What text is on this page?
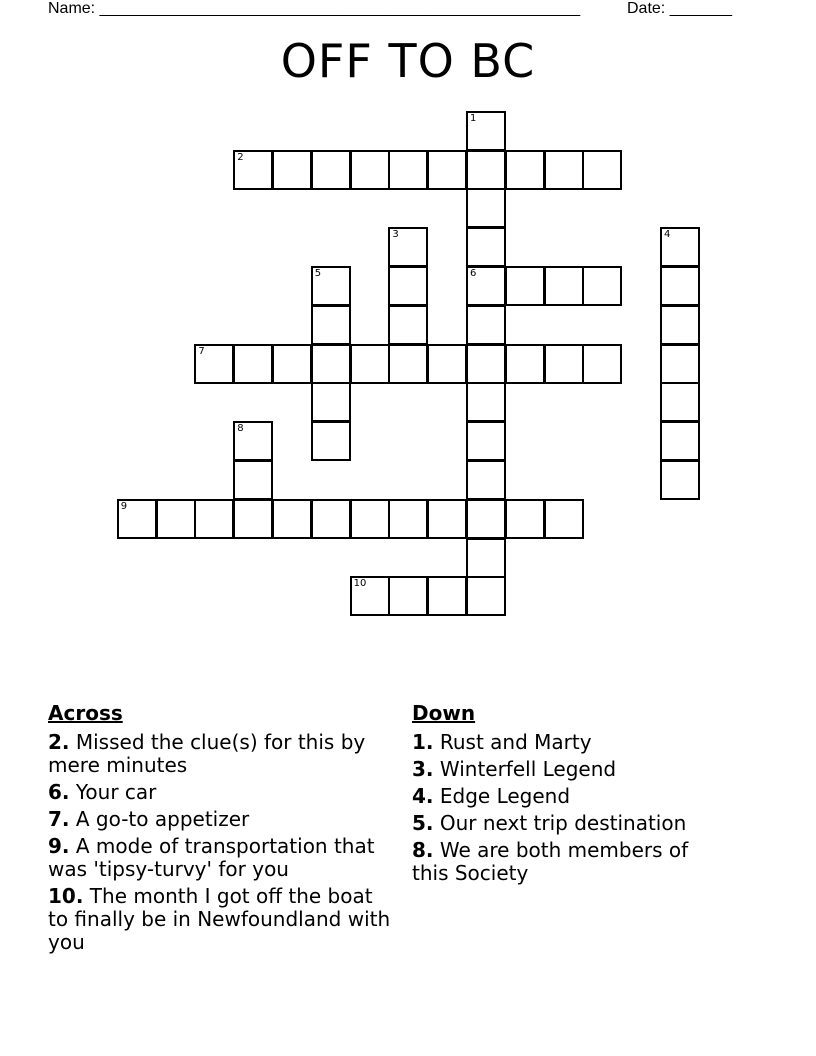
Name: ______________________________________________________	Date: _______
OFF TO BC
1
2
3	4
5	6
7
8
9
10
Across
2. Missed the clue(s) for this by mere minutes
6. Your car
7. A go-to appetizer
9. A mode of transportation that was 'tipsy-turvy' for you
10. The month I got off the boat to finally be in Newfoundland with you
Down
1. Rust and Marty
3. Winterfell Legend
4. Edge Legend
5. Our next trip destination
8. We are both members of this Society
